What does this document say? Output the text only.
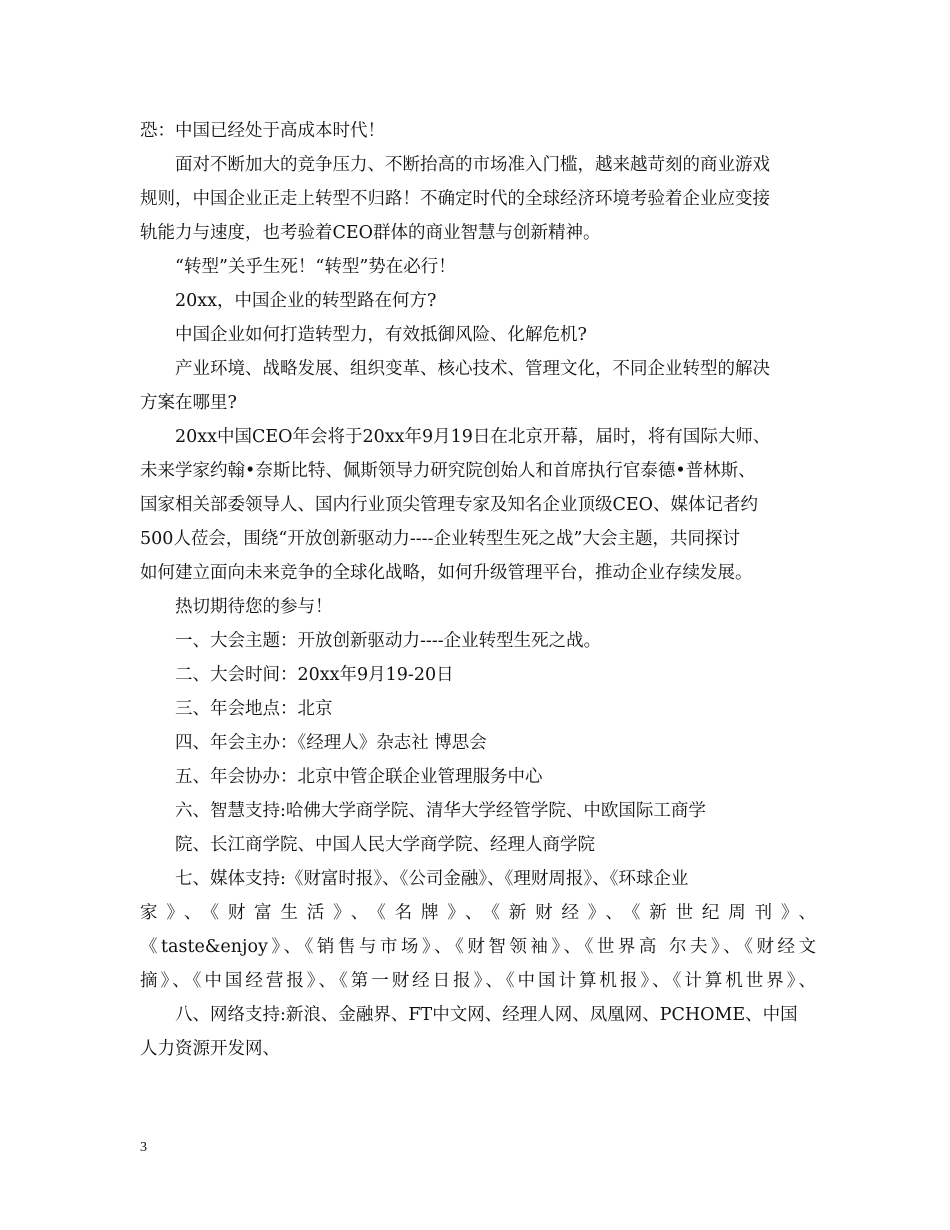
恐：中国已经处于高成本时代！

面对不断加大的竞争压力、不断抬高的市场准入门槛，越来越苛刻的商业游戏

规则，中国企业正走上转型不归路！不确定时代的全球经济环境考验着企业应变接

轨能力与速度，也考验着CEO群体的商业智慧与创新精神。

“转型”关乎生死！“转型”势在必行！

20xx，中国企业的转型路在何方?

中国企业如何打造转型力，有效抵御风险、化解危机?

产业环境、战略发展、组织变革、核心技术、管理文化，不同企业转型的解决

方案在哪里?

20xx中国CEO年会将于20xx年9月19日在北京开幕，届时，将有国际大师、

未来学家约翰•奈斯比特、佩斯领导力研究院创始人和首席执行官泰德•普林斯、

国家相关部委领导人、国内行业顶尖管理专家及知名企业顶级CEO、媒体记者约

500人莅会，围绕“开放创新驱动力----企业转型生死之战”大会主题，共同探讨

如何建立面向未来竞争的全球化战略，如何升级管理平台，推动企业存续发展。

热切期待您的参与！

一、大会主题：开放创新驱动力----企业转型生死之战。

二、大会时间：20xx年9月19-20日

三、年会地点：北京

四、年会主办：《经理人》杂志社 博思会

五、年会协办：北京中管企联企业管理服务中心

六、智慧支持:哈佛大学商学院、清华大学经管学院、中欧国际工商学

院、长江商学院、中国人民大学商学院、经理人商学院

七、媒体支持:《财富时报》、《公司金融》、《理财周报》、《环球企业

家》、《财富生活》、《名牌》、《新财经》、《新世纪周刊》、

《taste&enjoy》、《销售与市场》、《财智领袖》、《世界高 尔夫》、《财经文

摘》、《中国经营报》、《第一财经日报》、《中国计算机报》、《计算机世界》、

八、网络支持:新浪、金融界、FT中文网、经理人网、凤凰网、PCHOME、中国

人力资源开发网、

3
